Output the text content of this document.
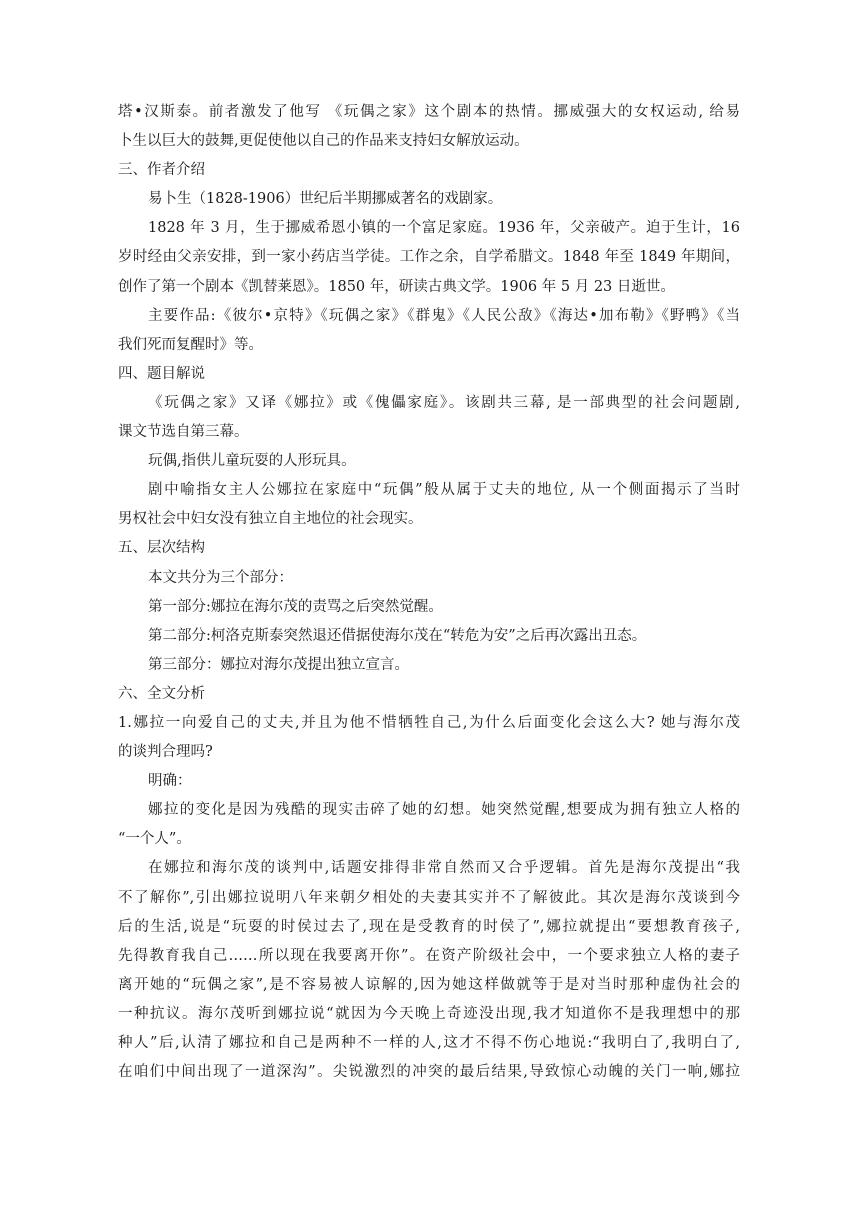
塔•汉斯泰。前者激发了他写 《玩偶之家》这个剧本的热情。挪威强大的女权运动, 给易

卜生以巨大的鼓舞,更促使他以自己的作品来支持妇女解放运动。

三、作者介绍

易卜生（1828-1906）世纪后半期挪威著名的戏剧家。

1828 年 3 月，生于挪威希恩小镇的一个富足家庭。1936 年，父亲破产。迫于生计，16

岁时经由父亲安排，到一家小药店当学徒。工作之余，自学希腊文。1848 年至 1849 年期间，

创作了第一个剧本《凯替莱恩》。1850 年，研读古典文学。1906 年 5 月 23 日逝世。

主要作品:《彼尔•京特》《玩偶之家》《群鬼》《人民公敌》《海达•加布勒》《野鸭》《当

我们死而复醒时》等。

四、题目解说

《玩偶之家》又译《娜拉》或《傀儡家庭》。该剧共三幕, 是一部典型的社会问题剧,

课文节选自第三幕。

玩偶,指供儿童玩耍的人形玩具。

剧中喻指女主人公娜拉在家庭中“玩偶”般从属于丈夫的地位, 从一个侧面揭示了当时

男权社会中妇女没有独立自主地位的社会现实。

五、层次结构

本文共分为三个部分：

第一部分:娜拉在海尔茂的责骂之后突然觉醒。

第二部分:柯洛克斯泰突然退还借据使海尔茂在“转危为安”之后再次露出丑态。

第三部分：娜拉对海尔茂提出独立宣言。

六、全文分析

1.娜拉一向爱自己的丈夫,并且为他不惜牺牲自己,为什么后面变化会这么大? 她与海尔茂

的谈判合理吗?

明确：

娜拉的变化是因为残酷的现实击碎了她的幻想。她突然觉醒,想要成为拥有独立人格的

“一个人”。

在娜拉和海尔茂的谈判中,话题安排得非常自然而又合乎逻辑。首先是海尔茂提出“我

不了解你”,引出娜拉说明八年来朝夕相处的夫妻其实并不了解彼此。其次是海尔茂谈到今

后的生活,说是“玩耍的时侯过去了,现在是受教育的时侯了”,娜拉就提出“要想教育孩子,

先得教育我自己……所以现在我要离开你”。在资产阶级社会中，一个要求独立人格的妻子

离开她的“玩偶之家”,是不容易被人谅解的,因为她这样做就等于是对当时那种虚伪社会的

一种抗议。海尔茂听到娜拉说“就因为今天晚上奇迹没出现,我才知道你不是我理想中的那

种人”后,认清了娜拉和自己是两种不一样的人,这才不得不伤心地说:“我明白了,我明白了,

在咱们中间出现了一道深沟”。尖锐激烈的冲突的最后结果,导致惊心动魄的关门一响,娜拉
